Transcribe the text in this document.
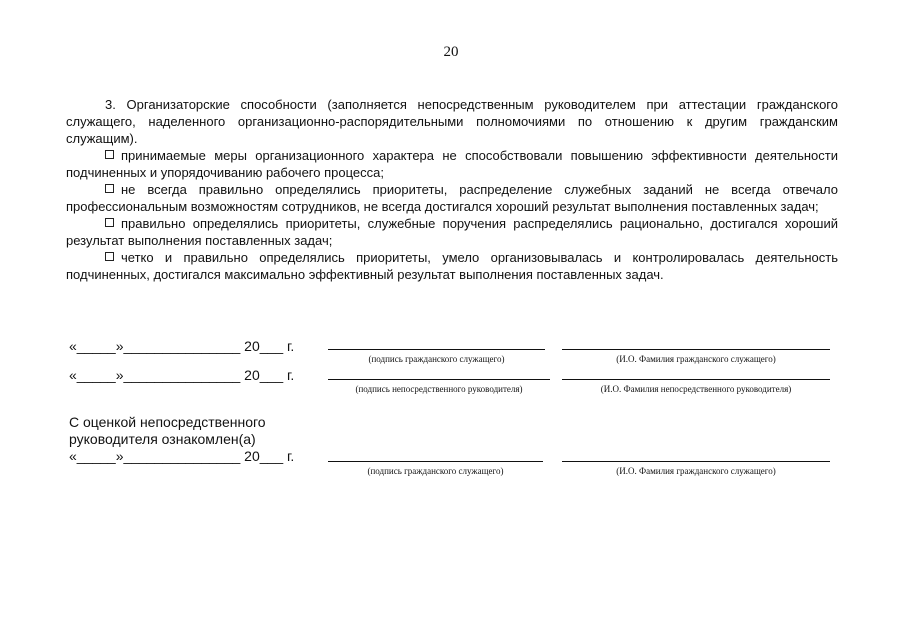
20

3. Организаторские способности (заполняется непосредственным руководителем при аттестации гражданского служащего, наделенного организационно-распорядительными полномочиями по отношению к другим гражданским служащим).

принимаемые меры организационного характера не способствовали повышению эффективности деятельности подчиненных и упорядочиванию рабочего процесса;

не всегда правильно определялись приоритеты, распределение служебных заданий не всегда отвечало профессиональным возможностям сотрудников, не всегда достигался хороший результат выполнения поставленных задач;

правильно определялись приоритеты, служебные поручения распределялись рационально, достигался хороший результат выполнения поставленных задач;

четко и правильно определялись приоритеты, умело организовывалась и контролировалась деятельность подчиненных, достигался максимально эффективный результат выполнения поставленных задач.

«_____»_______________ 20___ г.
(подпись гражданского служащего)	(И.О. Фамилия гражданского служащего)
«_____»_______________ 20___ г.
(подпись непосредственного руководителя)	(И.О. Фамилия непосредственного руководителя)
С оценкой непосредственного
руководителя ознакомлен(а)
«_____»_______________ 20___ г.
(подпись гражданского служащего)	(И.О. Фамилия гражданского служащего)
